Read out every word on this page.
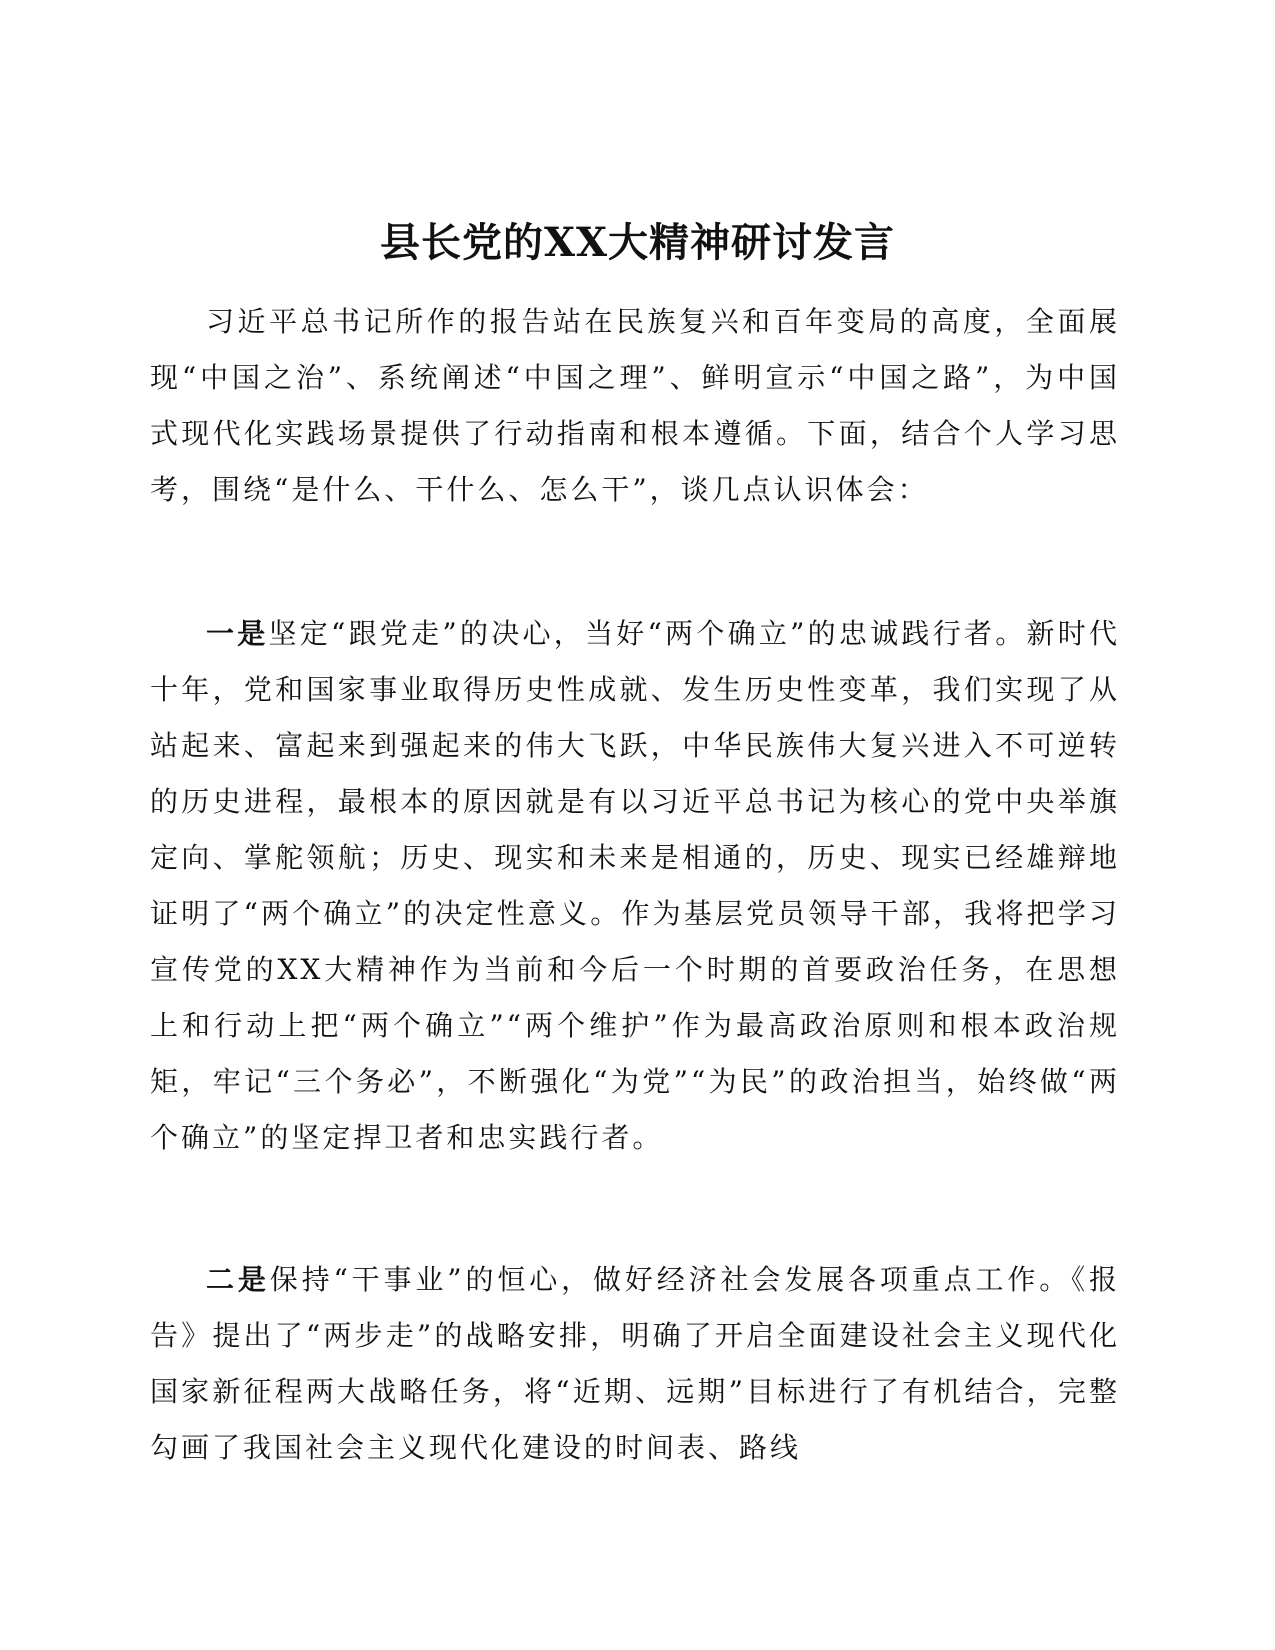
县长党的XX大精神研讨发言

习近平总书记所作的报告站在民族复兴和百年变局的高度，全面展现“中国之治”、系统阐述“中国之理”、鲜明宣示“中国之路”，为中国式现代化实践场景提供了行动指南和根本遵循。下面，结合个人学习思考，围绕“是什么、干什么、怎么干”，谈几点认识体会：

一是坚定“跟党走”的决心，当好“两个确立”的忠诚践行者。新时代十年，党和国家事业取得历史性成就、发生历史性变革，我们实现了从站起来、富起来到强起来的伟大飞跃，中华民族伟大复兴进入不可逆转的历史进程，最根本的原因就是有以习近平总书记为核心的党中央举旗定向、掌舵领航；历史、现实和未来是相通的，历史、现实已经雄辩地证明了“两个确立”的决定性意义。作为基层党员领导干部，我将把学习宣传党的XX大精神作为当前和今后一个时期的首要政治任务，在思想上和行动上把“两个确立”“两个维护”作为最高政治原则和根本政治规矩，牢记“三个务必”，不断强化“为党”“为民”的政治担当，始终做“两个确立”的坚定捍卫者和忠实践行者。

二是保持“干事业”的恒心，做好经济社会发展各项重点工作。《报告》提出了“两步走”的战略安排，明确了开启全面建设社会主义现代化国家新征程两大战略任务，将“近期、远期”目标进行了有机结合，完整勾画了我国社会主义现代化建设的时间表、路线
